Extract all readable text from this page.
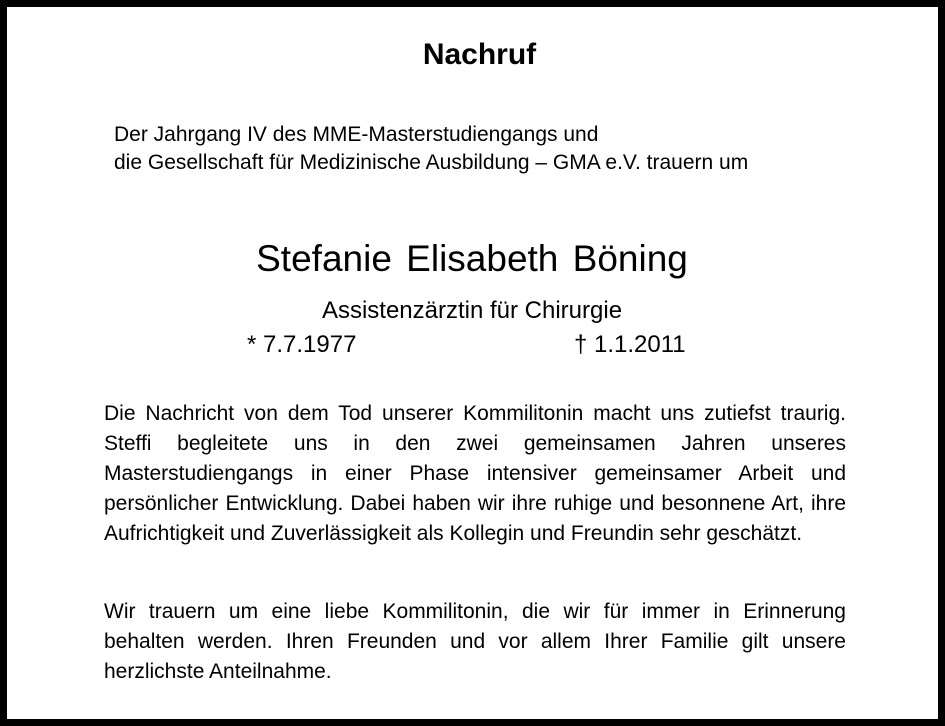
Nachruf
Der Jahrgang IV des MME-Masterstudiengangs und
die Gesellschaft für Medizinische Ausbildung – GMA e.V. trauern um
Stefanie Elisabeth Böning
Assistenzärztin für Chirurgie
* 7.7.1977	† 1.1.2011

Die Nachricht von dem Tod unserer Kommilitonin macht uns zutiefst traurig. Steffi begleitete uns in den zwei gemeinsamen Jahren unseres Masterstudiengangs in einer Phase intensiver gemeinsamer Arbeit und persönlicher Entwicklung. Dabei haben wir ihre ruhige und besonnene Art, ihre Aufrichtigkeit und Zuverlässigkeit als Kollegin und Freundin sehr geschätzt.

Wir trauern um eine liebe Kommilitonin, die wir für immer in Erinnerung behalten werden. Ihren Freunden und vor allem Ihrer Familie gilt unsere herzlichste Anteilnahme.
